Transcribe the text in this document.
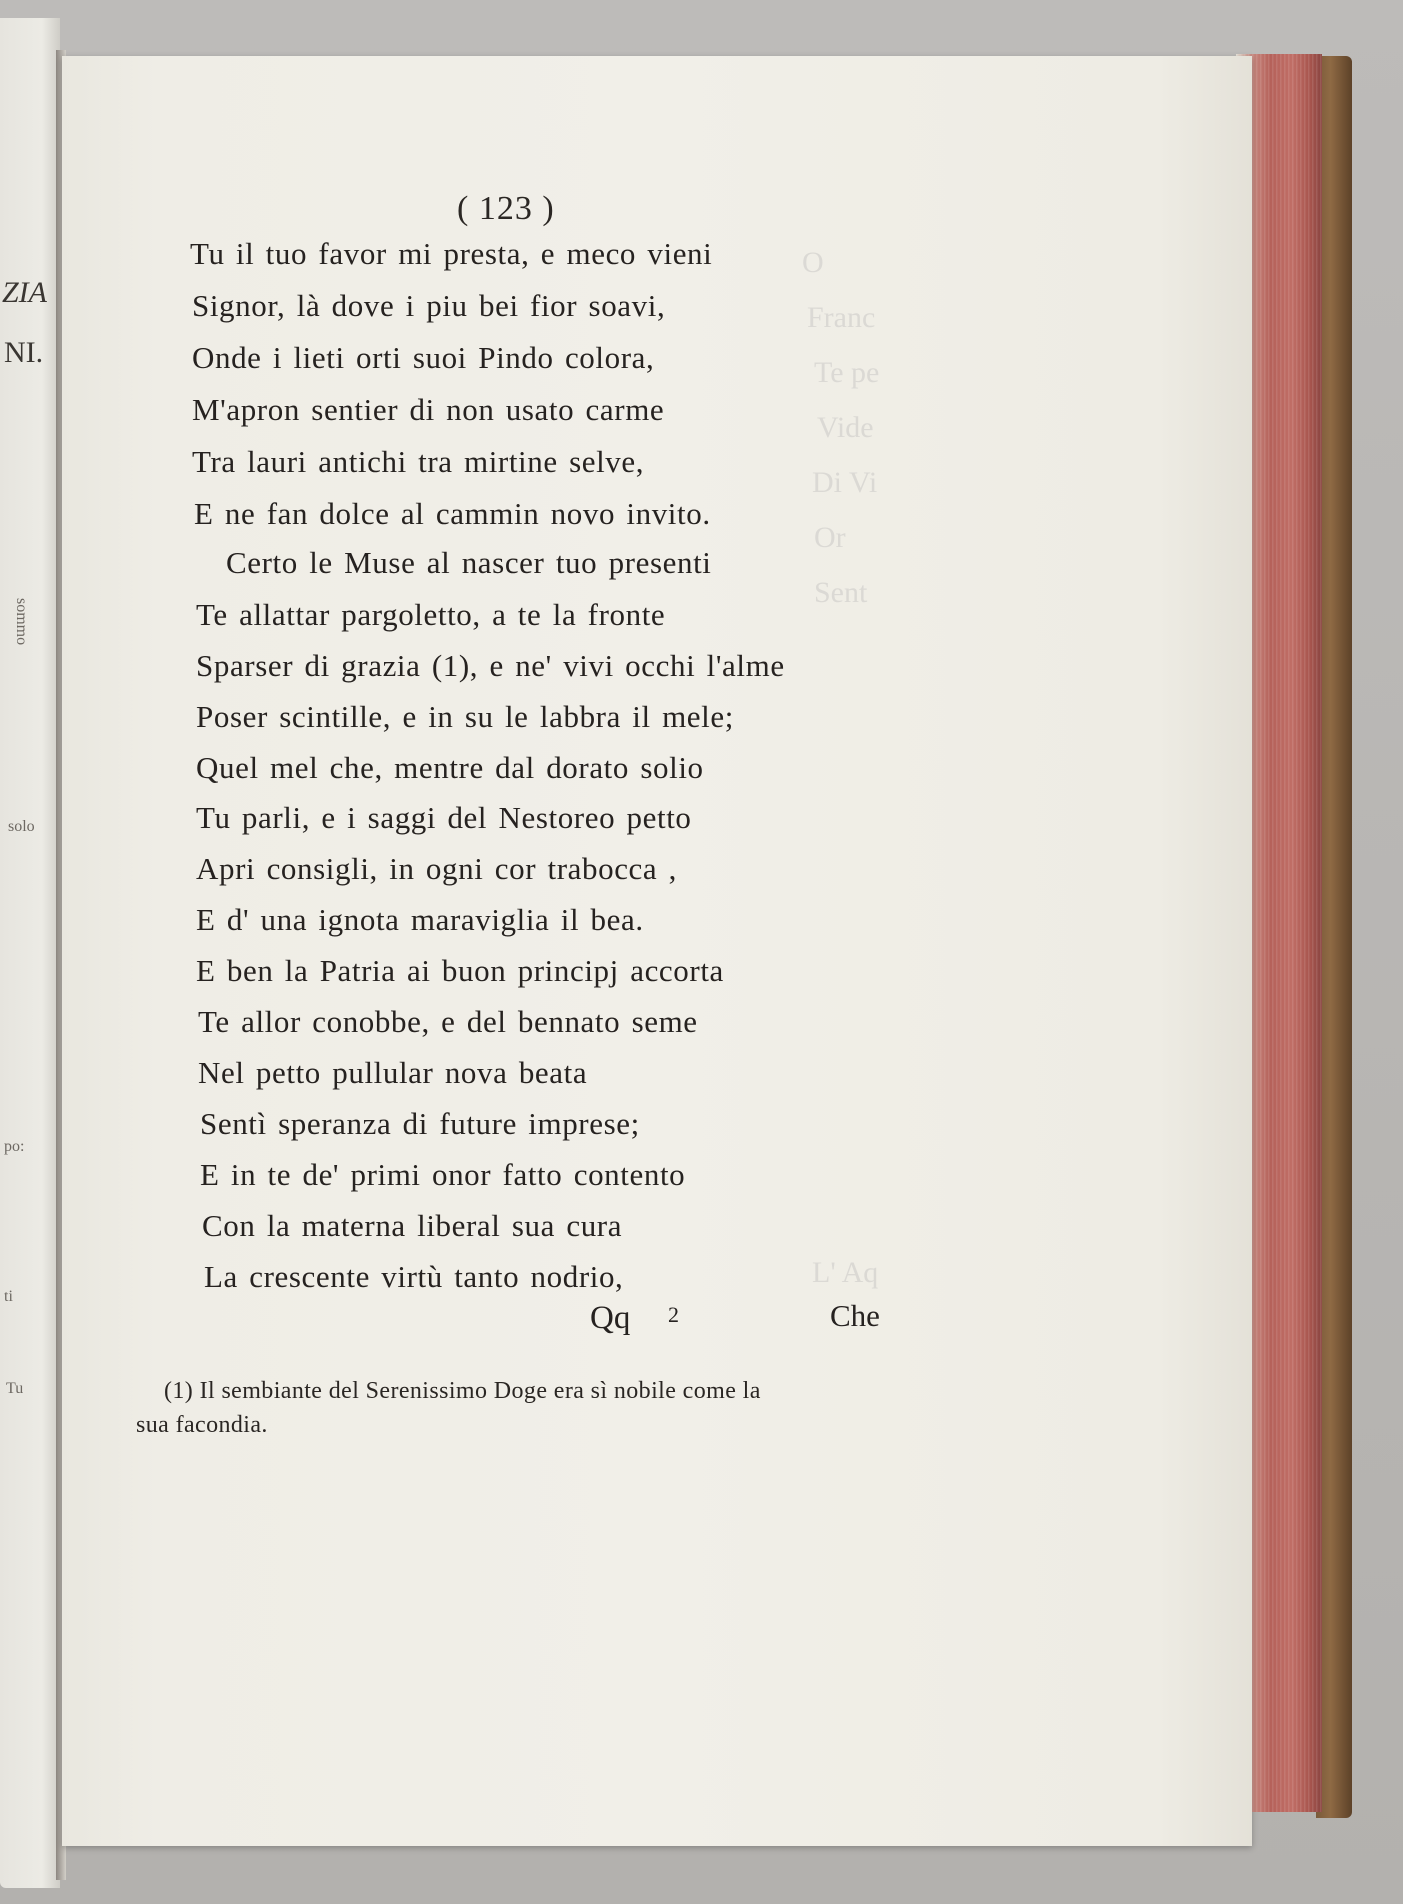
ZIA
NI.
sommo
solo
po:
ti
Tu
O
Franc
Te pe
Vide
Di Vi
Or
Sent
L' Aq
( 123 )
Tu il tuo favor mi presta, e meco vieni
Signor, là dove i piu bei fior soavi,
Onde i lieti orti suoi Pindo colora,
M'apron sentier di non usato carme
Tra lauri antichi tra mirtine selve,
E ne fan dolce al cammin novo invito.
Certo le Muse al nascer tuo presenti
Te allattar pargoletto, a te la fronte
Sparser di grazia (1), e ne' vivi occhi l'alme
Poser scintille, e in su le labbra il mele;
Quel mel che, mentre dal dorato solio
Tu parli, e i saggi del Nestoreo petto
Apri consigli, in ogni cor trabocca ,
E d' una ignota maraviglia il bea.
E ben la Patria ai buon principj accorta
Te allor conobbe, e del bennato seme
Nel petto pullular nova beata
Sentì speranza di future imprese;
E in te de' primi onor fatto contento
Con la materna liberal sua cura
La crescente virtù tanto nodrio,
Qq 2	Che
(1) Il sembiante del Serenissimo Doge era sì nobile come la
sua facondia.
